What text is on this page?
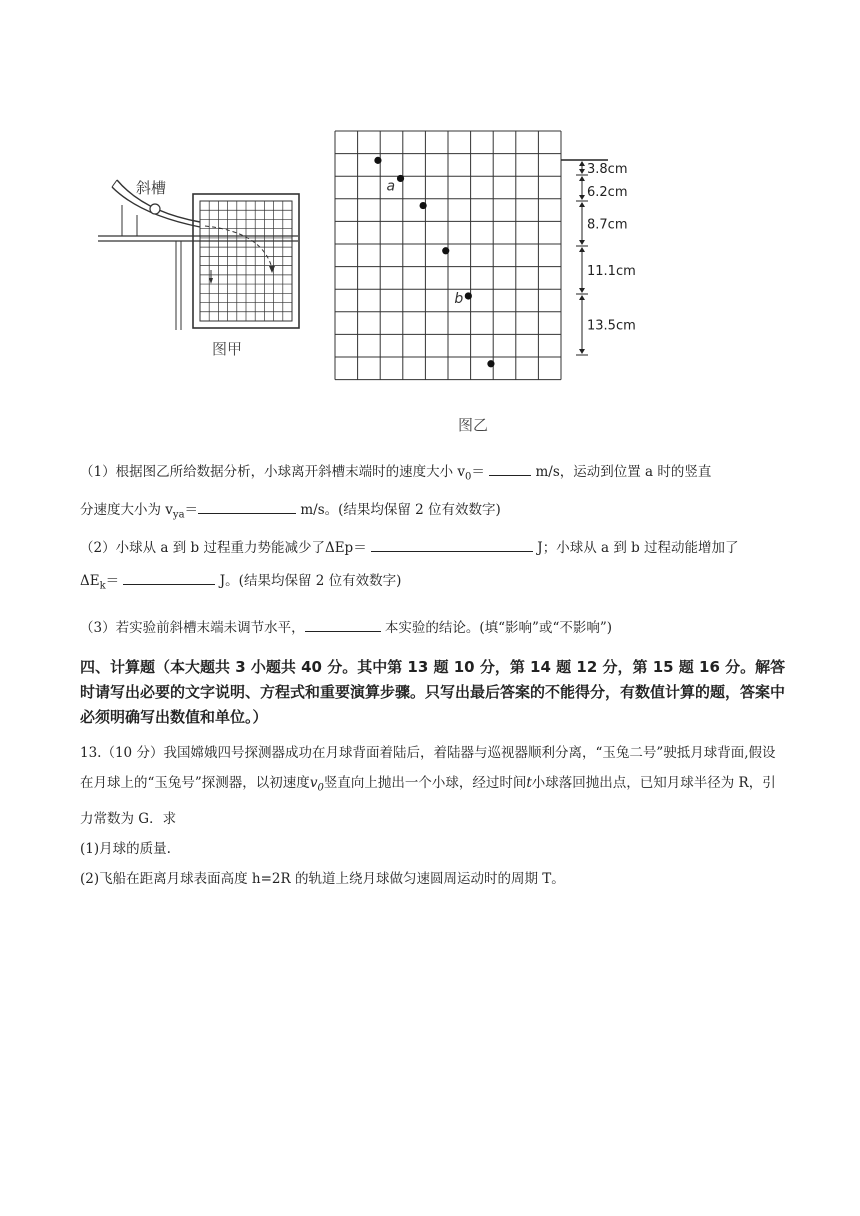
斜槽
图甲
a
b
3.8cm
6.2cm
8.7cm
11.1cm
13.5cm
图乙
（1）根据图乙所给数据分析，小球离开斜槽末端时的速度大小 $v_0=$	m/s，运动到位置 a 时的竖直
分速度大小为 $v_{ya}=$	m/s。(结果均保留 2 位有效数字)
（2）小球从 a 到 b 过程重力势能减少了ΔEp＝	J；小球从 a 到 b 过程动能增加了
$\Delta E_k=$	J。(结果均保留 2 位有效数字)
（3）若实验前斜槽末端未调节水平，	本实验的结论。(填“影响”或“不影响”)
四、计算题（本大题共 3 小题共 40 分。其中第 13 题 10 分，第 14 题 12 分，第 15 题 16 分。解答时请写出必要的文字说明、方程式和重要演算步骤。只写出最后答案的不能得分，有数值计算的题，答案中必须明确写出数值和单位。）

13.（10 分）我国嫦娥四号探测器成功在月球背面着陆后，着陆器与巡视器顺利分离，“玉兔二号”驶抵月球背面,假设在月球上的“玉兔号”探测器，以初速度$v_0$竖直向上抛出一个小球，经过时间t小球落回抛出点，已知月球半径为 R，引力常数为 G．求

(1)月球的质量.

(2)飞船在距离月球表面高度 h=2R 的轨道上绕月球做匀速圆周运动时的周期 T。
